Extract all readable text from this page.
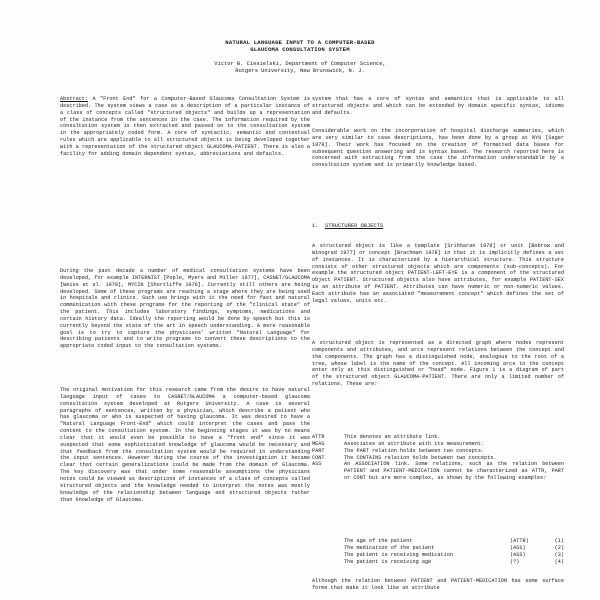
NATURAL LANGUAGE INPUT TO A COMPUTER-BASED
GLAUCOMA CONSULTATION SYSTEM
Victor B. Ciesielski, Department of Computer Science,
Rutgers University, New Brunswick, N. J.

Abstract: A "Front End" for a Computer-Based Glaucoma Consultation System is described. The system views a case as a description of a particular instance of a class of concepts called "structured objects" and builds up a representation of the instance from the sentences in the case. The information required by the consultation system is then extracted and passed on to the consultation system in the appropriately coded form. A core of syntactic, semantic and contextual rules which are applicable to all structured objects is being developed together with a representation of the structured object GLAUCOMA-PATIENT. There is also a facility for adding domain dependent syntax, abbreviations and defaults.

During the past decade a number of medical consultation systems have been developed, for example INTERNIST [Pople, Myers and Miller 1977], CASNET/GLAUCOMA [Weiss et al. 1978], MYCIN [Shortliffe 1976]. Currently still others are being developed. Some of these programs are reaching a stage where they are being used in hospitals and clinics. Such use brings with it the need for fast and natural communication with these programs for the reporting of the "clinical state" of the patient. This includes laboratory findings, symptoms, medications and certain history data. Ideally the reporting would be done by speech but this is currently beyond the state of the art in speech understanding. A more reasonable goal is to try to capture the physicians' written "Natural Language" for describing patients and to write programs to convert these descriptions to the appropriate coded input to the consultation systems.

The original motivation for this research came from the desire to have natural language input of cases to CASNET/GLAUCOMA a computer-based glaucoma consultation system developed at Rutgers University. A case is several paragraphs of sentences, written by a physician, which describe a patient who has glaucoma or who is suspected of having glaucoma. It was desired to have a "Natural Language Front-End" which could interpret the cases and pass the content to the consultation system. In the beginning stages it was by no means clear that it would even be possible to have a "front end" since it was suspected that some sophisticated knowledge of glaucoma would be necessary and that feedback from the consultation system would be required in understanding the input sentences. However during the course of the investigation it became clear that certain generalizations could be made from the domain of Glaucoma. The key discovery was that under some reasonable assumptions the physicians notes could be viewed as descriptions of instances of a class of concepts called structured objects and the knowledge needed to interpret the notes was mostly knowledge of the relationship between language and structured objects rather than knowledge of Glaucoma.

system that has a core of syntax and semantics that is applicable to all structured objects and which can be extended by domain specific syntax, idioms and defaults.

Considerable work on the incorporation of hospital discharge summaries, which are very similar to case descriptions, has been done by a group at NYU [Sager 1978]. Their work has focused on the creation of formatted data bases for subsequent question answering and is syntax based. The research reported here is concerned with extracting from the case the information understandable by a consultation system and is primarily knowledge based.

1. STRUCTURED OBJECTS

A structured object is like a template [Srihharan 1978] or unit [Bobrow and Winograd 1977] or concept [Brachman 1978] in that it is implicitly defines a set of instances. It is characterized by a hierarchical structure. This structure consists of other structured objects which are components (sub-concepts). For example the structured object PATIENT-LEFT-EYE is a component of the structured object PATIENT. Structured objects also have attributes, for example PATIENT-SEX is an attribute of PATIENT. Attributes can have numeric or non-numeric values. Each attribute has an associated "measurement concept" which defines the set of legal values, units etc.

A structured object is represented as a directed graph where nodes represent components and attributes, and arcs represent relations between the concept and the components. The graph has a distinguished node, analogous to the root of a tree, whose label is the name of the concept. All incoming arcs to the concept enter only at this distinguished or "head" node. Figure 1 is a diagram of part of the structured object GLAUCOMA-PATIENT. There are only a limited number of relations. These are:

ATTR	This denotes an attribute link.
MEAS	Associates an attribute with its measurement.
PART	The PART relation holds between two concepts.
CONT	The CONTAINS relation holds between two concepts.
ASS	An ASSOCIATION link. Some relations, such as the relation between PATIENT and PATIENT-MEDICATION cannot be characterized as ATTR, PART or CONT but are more complex, as shown by the following examples:
The age of the patient	(ATTR)	(1)
The medication of the patient	(ASS)	(2)
The patient is receiving medication	(ASS)	(3)
The patient is receiving age	(?)	(4)

Although the relation between PATIENT and PATIENT-MEDICATION has some surface forms that make it look like an attribute
